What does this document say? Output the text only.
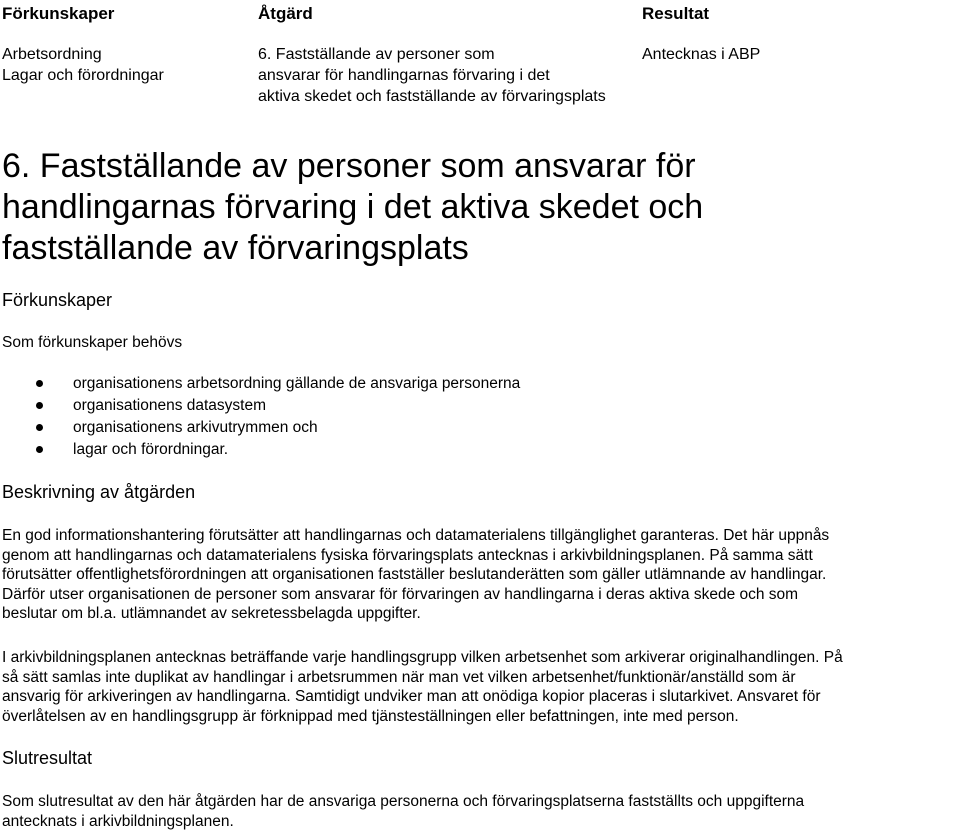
Förkunskaper	Åtgärd	Resultat
Arbetsordning
Lagar och förordningar
6. Fastställande av personer som
ansvarar för handlingarnas förvaring i det
aktiva skedet och fastställande av förvaringsplats
Antecknas i ABP
6. Fastställande av personer som ansvarar för
handlingarnas förvaring i det aktiva skedet och
fastställande av förvaringsplats
Förkunskaper

Som förkunskaper behövs

organisationens arbetsordning gällande de ansvariga personerna
organisationens datasystem
organisationens arkivutrymmen och
lagar och förordningar.
Beskrivning av åtgärden
En god informationshantering förutsätter att handlingarnas och datamaterialens tillgänglighet garanteras. Det här uppnås
genom att handlingarnas och datamaterialens fysiska förvaringsplats antecknas i arkivbildningsplanen. På samma sätt
förutsätter offentlighetsförordningen att organisationen fastställer beslutanderätten som gäller utlämnande av handlingar.
Därför utser organisationen de personer som ansvarar för förvaringen av handlingarna i deras aktiva skede och som
beslutar om bl.a. utlämnandet av sekretessbelagda uppgifter.
I arkivbildningsplanen antecknas beträffande varje handlingsgrupp vilken arbetsenhet som arkiverar originalhandlingen. På
så sätt samlas inte duplikat av handlingar i arbetsrummen när man vet vilken arbetsenhet/funktionär/anställd som är
ansvarig för arkiveringen av handlingarna. Samtidigt undviker man att onödiga kopior placeras i slutarkivet. Ansvaret för
överlåtelsen av en handlingsgrupp är förknippad med tjänsteställningen eller befattningen, inte med person.
Slutresultat
Som slutresultat av den här åtgärden har de ansvariga personerna och förvaringsplatserna fastställts och uppgifterna
antecknats i arkivbildningsplanen.
